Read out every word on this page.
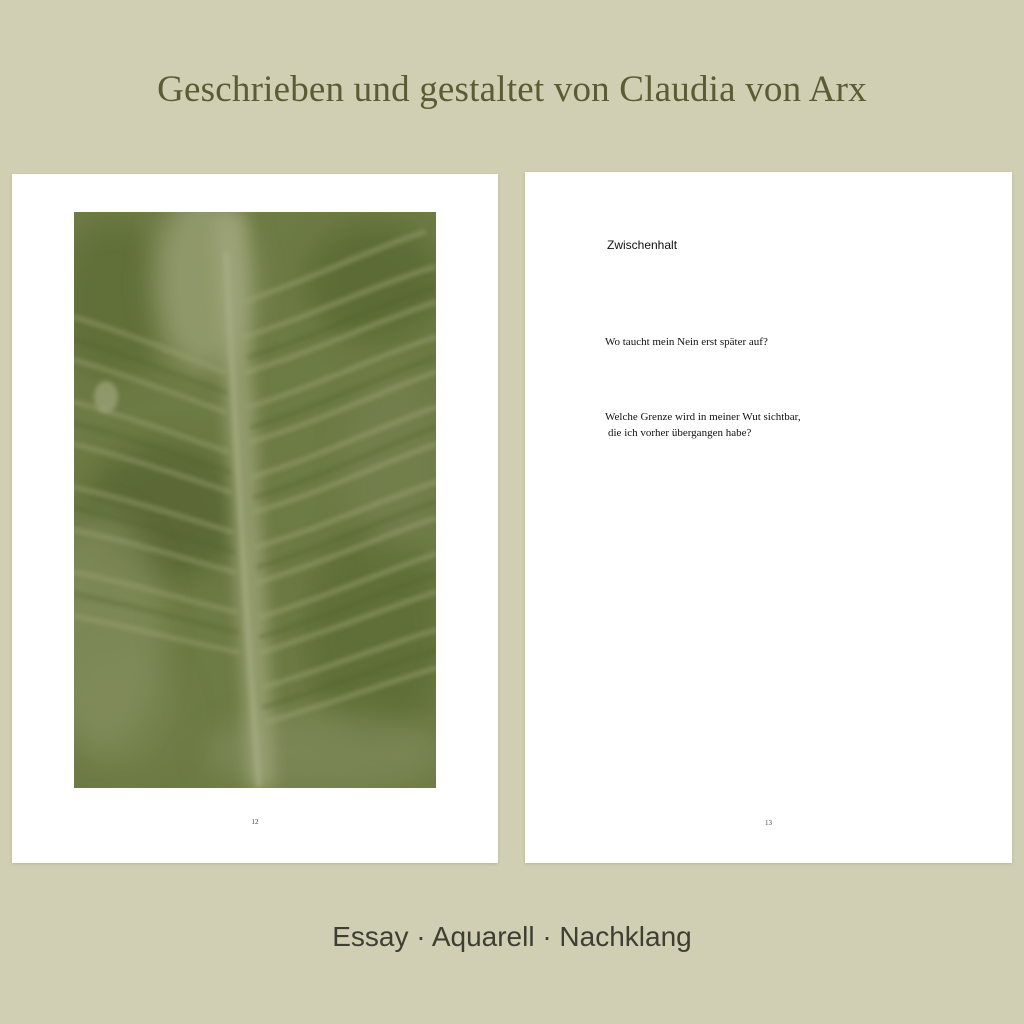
Geschrieben und gestaltet von Claudia von Arx
12
Zwischenhalt
Wo taucht mein Nein erst später auf?
Welche Grenze wird in meiner Wut sichtbar,
die ich vorher übergangen habe?
13

Essay · Aquarell · Nachklang
